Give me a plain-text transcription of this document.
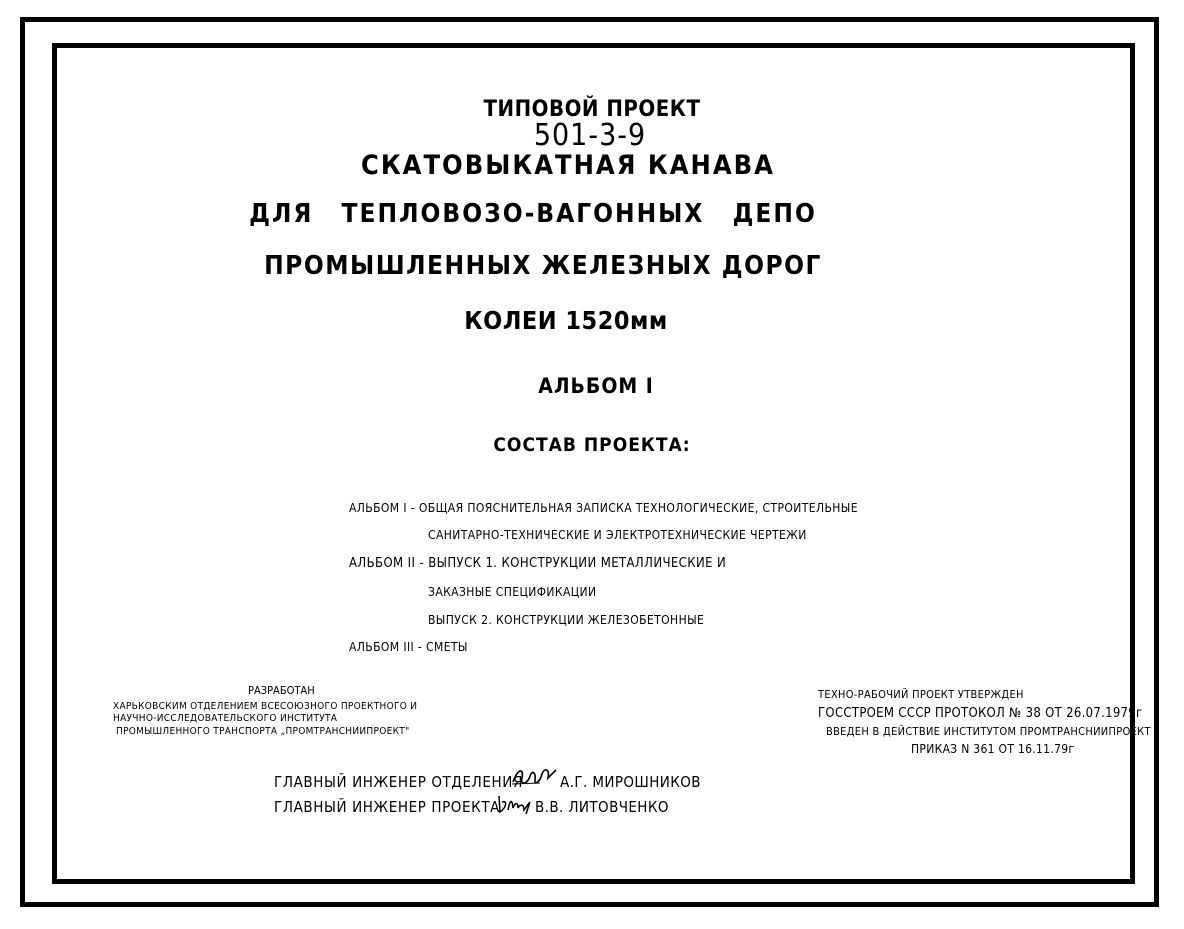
ТИПОВОЙ ПРОЕКТ
501-3-9
СКАТОВЫКАТНАЯ КАНАВА
ДЛЯ ТЕПЛОВОЗО-ВАГОННЫХ ДЕПО
ПРОМЫШЛЕННЫХ ЖЕЛЕЗНЫХ ДОРОГ
КОЛЕИ 1520мм
АЛЬБОМ I
СОСТАВ ПРОЕКТА:
АЛЬБОМ I - ОБЩАЯ ПОЯСНИТЕЛЬНАЯ ЗАПИСКА ТЕХНОЛОГИЧЕСКИЕ, СТРОИТЕЛЬНЫЕ
САНИТАРНО-ТЕХНИЧЕСКИЕ И ЭЛЕКТРОТЕХНИЧЕСКИЕ ЧЕРТЕЖИ
АЛЬБОМ II - ВЫПУСК 1. КОНСТРУКЦИИ МЕТАЛЛИЧЕСКИЕ И
ЗАКАЗНЫЕ СПЕЦИФИКАЦИИ
ВЫПУСК 2. КОНСТРУКЦИИ ЖЕЛЕЗОБЕТОННЫЕ
АЛЬБОМ III - СМЕТЫ
РАЗРАБОТАН
ХАРЬКОВСКИМ ОТДЕЛЕНИЕМ ВСЕСОЮЗНОГО ПРОЕКТНОГО И
НАУЧНО-ИССЛЕДОВАТЕЛЬСКОГО ИНСТИТУТА
ПРОМЫШЛЕННОГО ТРАНСПОРТА „ПРОМТРАНСНИИПРОЕКТ"
ТЕХНО-РАБОЧИЙ ПРОЕКТ УТВЕРЖДЕН
ГОССТРОЕМ СССР ПРОТОКОЛ № 38 ОТ 26.07.1979г
ВВЕДЕН В ДЕЙСТВИЕ ИНСТИТУТОМ ПРОМТРАНСНИИПРОЕКТ
ПРИКАЗ N 361 ОТ 16.11.79г
ГЛАВНЫЙ ИНЖЕНЕР ОТДЕЛЕНИЯ А.Г. МИРОШНИКОВ
ГЛАВНЫЙ ИНЖЕНЕР ПРОЕКТА В.В. ЛИТОВЧЕНКО
